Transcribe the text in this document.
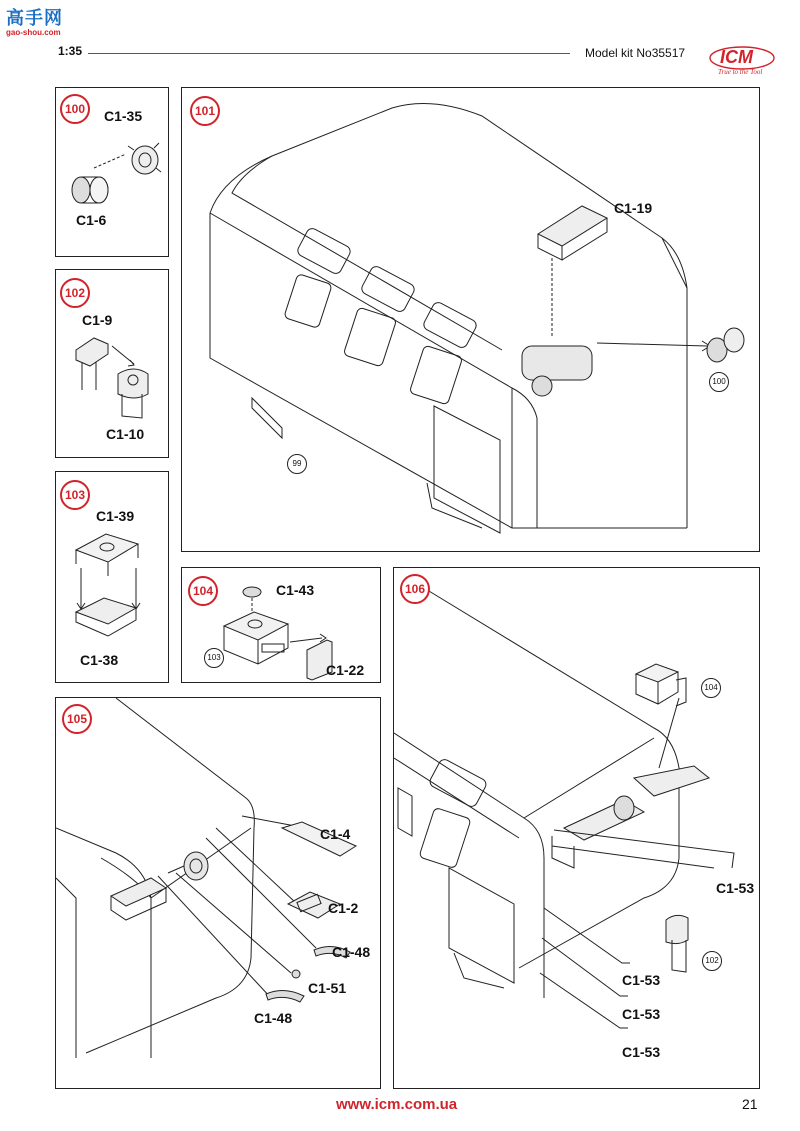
高手网
gao-shou.com
1:35	Model kit No35517 ICM
True to the Tool
100	C1-35
C1-6
101
C1-19
100
99
102
C1-9
C1-10
103
C1-39
C1-38
104	C1-43
C1-22
103
105
C1-4
C1-2
C1-48
C1-51
C1-48
106
104
102
C1-53
C1-53
C1-53
C1-53
www.icm.com.ua	21
